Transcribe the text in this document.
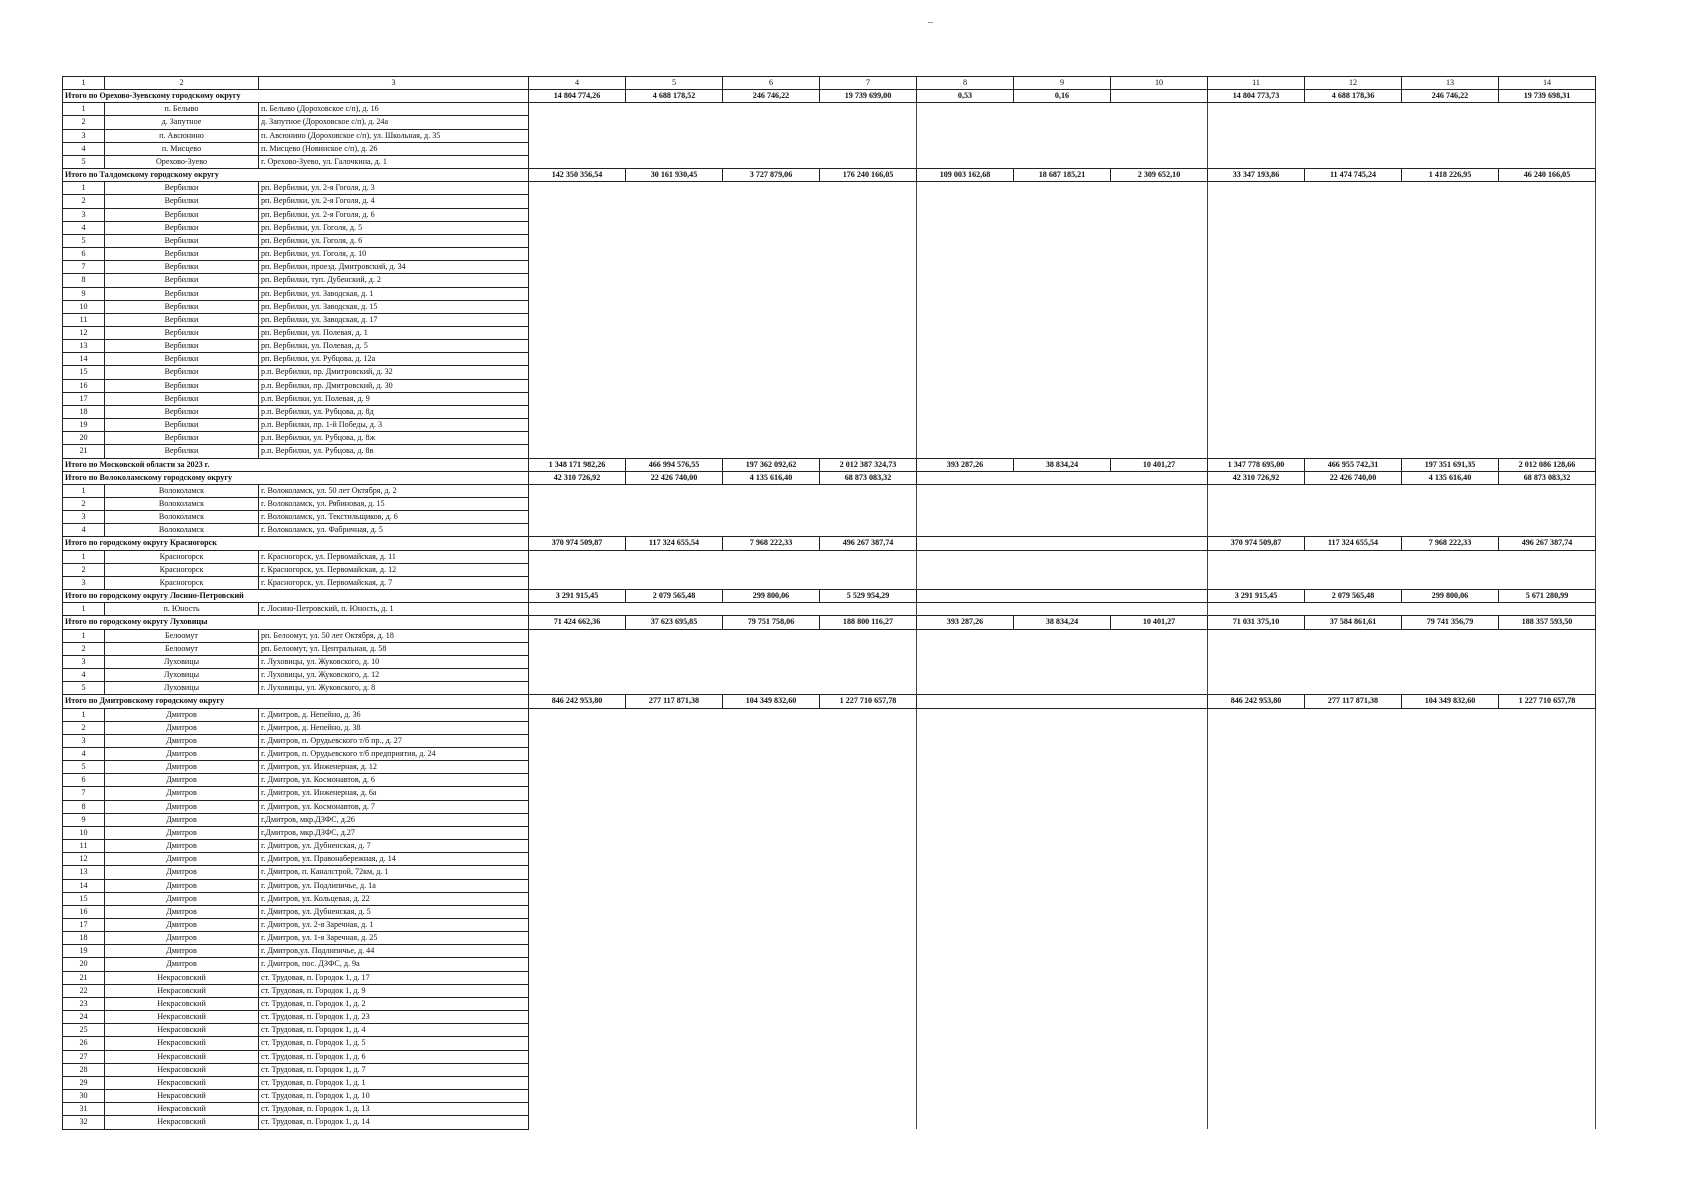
1	2	3	4	5	6	7	8	9	10	11	12	13	14
Итого по Орехово-Зуевскому городскому округу			14 804 774,26	4 688 178,52	246 746,22	19 739 699,00	0,53	0,16		14 804 773,73	4 688 178,36	246 746,22	19 739 698,31
1	п. Белыво	п. Белыво (Дороховское с/п), д. 16											
2	д. Запутное	д. Запутное (Дороховское с/п), д. 24а											
3	п. Авсюнино	п. Авсюнино (Дороховское с/п), ул. Школьная, д. 35											
4	п. Мисцево	п. Мисцево (Новинское с/п), д. 26											
5	Орехово-Зуево	г. Орехово-Зуево, ул. Галочкина, д. 1											
Итого по Талдомскому городскому округу			142 350 356,54	30 161 930,45	3 727 879,06	176 240 166,05	109 003 162,68	18 687 185,21	2 309 652,10	33 347 193,86	11 474 745,24	1 418 226,95	46 240 166,05
1	Вербилки	рп. Вербилки, ул. 2-я Гоголя, д. 3											
2	Вербилки	рп. Вербилки, ул. 2-я Гоголя, д. 4											
3	Вербилки	рп. Вербилки, ул. 2-я Гоголя, д. 6											
4	Вербилки	рп. Вербилки, ул. Гоголя, д. 5											
5	Вербилки	рп. Вербилки, ул. Гоголя, д. 6											
6	Вербилки	рп. Вербилки, ул. Гоголя, д. 10											
7	Вербилки	рп. Вербилки, проезд. Дмитровский, д. 34											
8	Вербилки	рп. Вербилки, туп. Дубенский, д. 2											
9	Вербилки	рп. Вербилки, ул. Заводская, д. 1											
10	Вербилки	рп. Вербилки, ул. Заводская, д. 15											
11	Вербилки	рп. Вербилки, ул. Заводская, д. 17											
12	Вербилки	рп. Вербилки, ул. Полевая, д. 1											
13	Вербилки	рп. Вербилки, ул. Полевая, д. 5											
14	Вербилки	рп. Вербилки, ул. Рубцова, д. 12а											
15	Вербилки	р.п. Вербилки, пр. Дмитровский, д. 32											
16	Вербилки	р.п. Вербилки, пр. Дмитровский, д. 30											
17	Вербилки	р.п. Вербилки, ул. Полевая, д. 9											
18	Вербилки	р.п. Вербилки, ул. Рубцова, д. 8д											
19	Вербилки	р.п. Вербилки, пр. 1-й Победы, д. 3											
20	Вербилки	р.п. Вербилки, ул. Рубцова, д. 8ж											
21	Вербилки	р.п. Вербилки, ул. Рубцова, д. 8в											
Итого по Московской области за 2023 г.			1 348 171 982,26	466 994 576,55	197 362 092,62	2 012 387 324,73	393 287,26	38 834,24	10 401,27	1 347 778 695,00	466 955 742,31	197 351 691,35	2 012 086 128,66
Итого по Волоколамскому городскому округу			42 310 726,92	22 426 740,00	4 135 616,40	68 873 083,32				42 310 726,92	22 426 740,00	4 135 616,40	68 873 083,32
1	Волоколамск	г. Волоколамск, ул. 50 лет Октября, д. 2											
2	Волоколамск	г. Волоколамск, ул. Рябиновая, д. 15											
3	Волоколамск	г. Волоколамск, ул. Текстильщиков, д. 6											
4	Волоколамск	г. Волоколамск, ул. Фабричная, д. 5											
Итого по городскому округу Красногорск			370 974 509,87	117 324 655,54	7 968 222,33	496 267 387,74				370 974 509,87	117 324 655,54	7 968 222,33	496 267 387,74
1	Красногорск	г. Красногорск, ул. Первомайская, д. 11											
2	Красногорск	г. Красногорск, ул. Первомайская, д. 12											
3	Красногорск	г. Красногорск, ул. Первомайская, д. 7											
Итого по городскому округу Лосино-Петровский			3 291 915,45	2 079 565,48	299 800,06	5 529 954,29				3 291 915,45	2 079 565,48	299 800,06	5 671 280,99
1	п. Юность	г. Лосино-Петровский, п. Юность, д. 1											
Итого по городскому округу Луховицы			71 424 662,36	37 623 695,85	79 751 758,06	188 800 116,27	393 287,26	38 834,24	10 401,27	71 031 375,10	37 584 861,61	79 741 356,79	188 357 593,50
1	Белоомут	рп. Белоомут, ул. 50 лет Октября, д. 18											
2	Белоомут	рп. Белоомут, ул. Центральная, д. 58											
3	Луховицы	г. Луховицы, ул. Жуковского, д. 10											
4	Луховицы	г. Луховицы, ул. Жуковского, д. 12											
5	Луховицы	г. Луховицы, ул. Жуковского, д. 8											
Итого по Дмитровскому городскому округу			846 242 953,80	277 117 871,38	104 349 832,60	1 227 710 657,78				846 242 953,80	277 117 871,38	104 349 832,60	1 227 710 657,78
1	Дмитров	г. Дмитров, д. Непейно, д. 36											
2	Дмитров	г. Дмитров, д. Непейно, д. 38											
3	Дмитров	г. Дмитров, п. Орудьевского т/б пр., д. 27											
4	Дмитров	г. Дмитров, п. Орудьевского т/б предприятия, д. 24											
5	Дмитров	г. Дмитров, ул. Инженерная, д. 12											
6	Дмитров	г. Дмитров, ул. Космонавтов, д. 6											
7	Дмитров	г. Дмитров, ул. Инженерная, д. 6а											
8	Дмитров	г. Дмитров, ул. Космонавтов, д. 7											
9	Дмитров	г.Дмитров, мкр.ДЗФС, д.26											
10	Дмитров	г.Дмитров, мкр.ДЗФС, д.27											
11	Дмитров	г. Дмитров, ул. Дубненская, д. 7											
12	Дмитров	г. Дмитров, ул. Правонабережная, д. 14											
13	Дмитров	г. Дмитров, п. Каналстрой, 72км, д. 1											
14	Дмитров	г. Дмитров, ул. Подлипичье, д. 1а											
15	Дмитров	г. Дмитров, ул. Кольцевая, д. 22											
16	Дмитров	г. Дмитров, ул. Дубненская, д. 5											
17	Дмитров	г. Дмитров, ул. 2-я Заречная, д. 1											
18	Дмитров	г. Дмитров, ул. 1-я Заречная, д. 25											
19	Дмитров	г. Дмитров,ул. Подлипичье, д. 44											
20	Дмитров	г. Дмитров, пос. ДЗФС, д. 9а											
21	Некрасовский	ст. Трудовая, п. Городок 1, д. 17											
22	Некрасовский	ст. Трудовая, п. Городок 1, д. 9											
23	Некрасовский	ст. Трудовая, п. Городок 1, д. 2											
24	Некрасовский	ст. Трудовая, п. Городок 1, д. 23											
25	Некрасовский	ст. Трудовая, п. Городок 1, д. 4											
26	Некрасовский	ст. Трудовая, п. Городок 1, д. 5											
27	Некрасовский	ст. Трудовая, п. Городок 1, д. 6											
28	Некрасовский	ст. Трудовая, п. Городок 1, д. 7											
29	Некрасовский	ст. Трудовая, п. Городок 1, д. 1											
30	Некрасовский	ст. Трудовая, п. Городок 1, д. 10											
31	Некрасовский	ст. Трудовая, п. Городок 1, д. 13											
32	Некрасовский	ст. Трудовая, п. Городок 1, д. 14											
